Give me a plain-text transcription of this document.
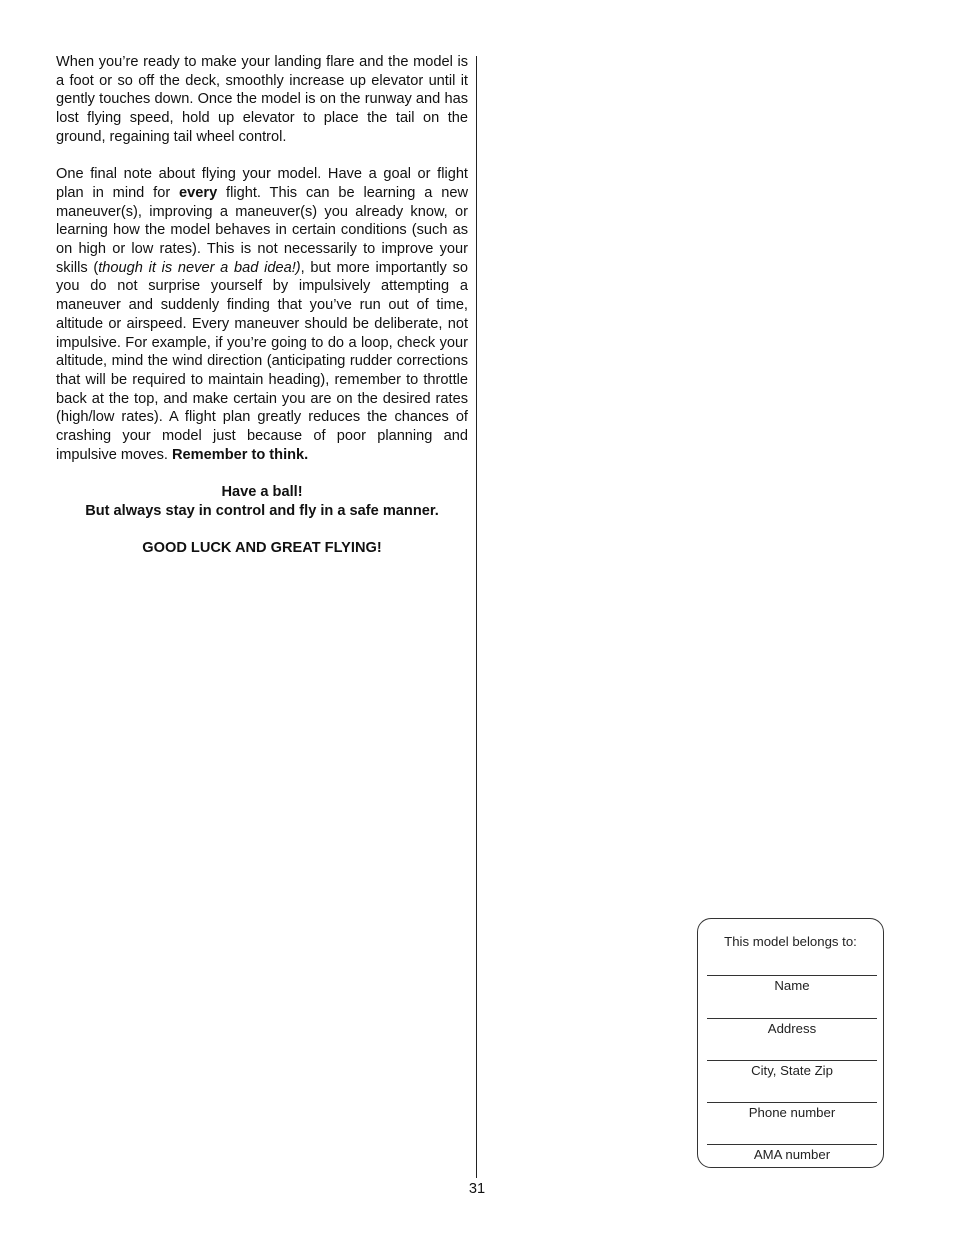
When you’re ready to make your landing flare and the model is a foot or so off the deck, smoothly increase up elevator until it gently touches down. Once the model is on the runway and has lost flying speed, hold up elevator to place the tail on the ground, regaining tail wheel control.

One final note about flying your model. Have a goal or flight plan in mind for every flight. This can be learning a new maneuver(s), improving a maneuver(s) you already know, or learning how the model behaves in certain conditions (such as on high or low rates). This is not necessarily to improve your skills (though it is never a bad idea!), but more importantly so you do not surprise yourself by impulsively attempting a maneuver and suddenly finding that you’ve run out of time, altitude or airspeed. Every maneuver should be deliberate, not impulsive. For example, if you’re going to do a loop, check your altitude, mind the wind direction (anticipating rudder corrections that will be required to maintain heading), remember to throttle back at the top, and make certain you are on the desired rates (high/low rates). A flight plan greatly reduces the chances of crashing your model just because of poor planning and impulsive moves. Remember to think.

Have a ball!
But always stay in control and fly in a safe manner.
GOOD LUCK AND GREAT FLYING!
This model belongs to:
Name
Address
City, State Zip
Phone number
AMA number
31
